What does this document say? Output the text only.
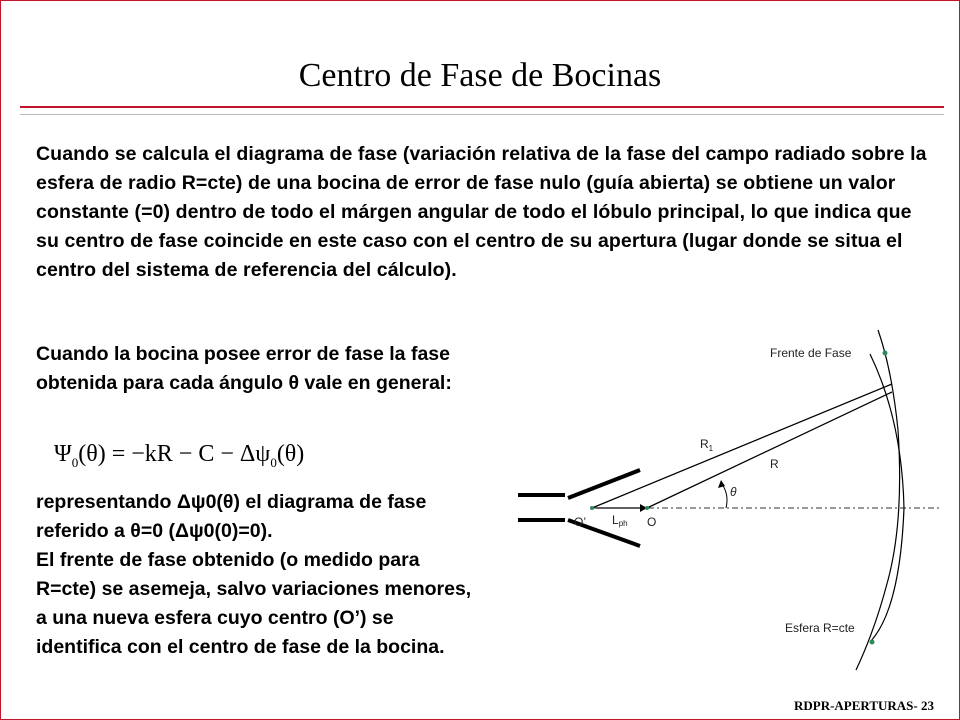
Centro de Fase de Bocinas
Cuando se calcula el diagrama de fase (variación relativa de la fase del campo radiado sobre la esfera de radio R=cte) de una bocina de error de fase nulo (guía abierta) se obtiene un valor constante (=0) dentro de todo el márgen angular de todo el lóbulo principal, lo que indica que su centro de fase coincide en este caso con el centro de su apertura (lugar donde se situa el centro del sistema de referencia del cálculo).
Cuando la bocina posee error de fase la fase obtenida para cada ángulo θ vale en general:
$\Psi_0(\theta) = -kR - C - \Delta\psi_0(\theta)$
representando Δψ0(θ) el diagrama de fase referido a θ=0 (Δψ0(0)=0).
El frente de fase obtenido (o medido para R=cte) se asemeja, salvo variaciones menores, a una nueva esfera cuyo centro (O’) se identifica con el centro de fase de la bocina.
Frente de Fase
Esfera R=cte
$R_1$
R
θ
O’	O
Lph
RDPR-APERTURAS- 23
